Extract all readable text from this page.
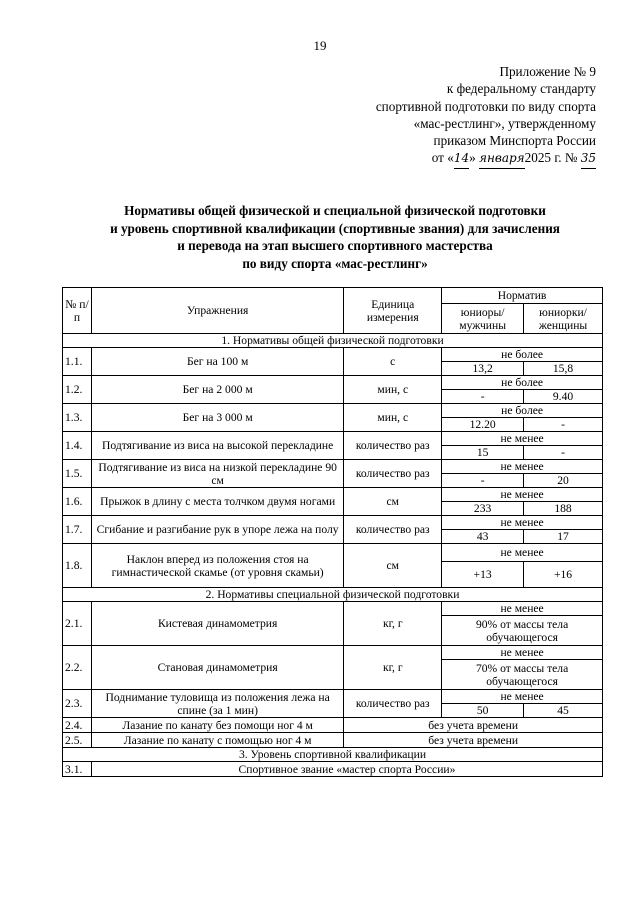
19
Приложение № 9
к федеральному стандарту
спортивной подготовки по виду спорта
«мас-рестлинг», утвержденному
приказом Минспорта России
от «14» января2025 г. № 35
Нормативы общей физической и специальной физической подготовки
и уровень спортивной квалификации (спортивные звания) для зачисления
и перевода на этап высшего спортивного мастерства
по виду спорта «мас-рестлинг»
№ п/п	Упражнения	Единица измерения	Норматив	
			юниоры/ мужчины	юниорки/ женщины
1. Нормативы общей физической подготовки				
1.1.	Бег на 100 м	с	не более	
			13,2	15,8
1.2.	Бег на 2 000 м	мин, с	не более	
			-	9.40
1.3.	Бег на 3 000 м	мин, с	не более	
			12.20	-
1.4.	Подтягивание из виса на высокой перекладине	количество раз	не менее	
			15	-
1.5.	Подтягивание из виса на низкой перекладине 90 см	количество раз	не менее	
			-	20
1.6.	Прыжок в длину с места толчком двумя ногами	см	не менее	
			233	188
1.7.	Сгибание и разгибание рук в упоре лежа на полу	количество раз	не менее	
			43	17
1.8.	Наклон вперед из положения стоя на гимнастической скамье (от уровня скамьи)	см	не менее	
			+13	+16
2. Нормативы специальной физической подготовки				
2.1.	Кистевая динамометрия	кг, г	не менее	
			90% от массы тела обучающегося	
2.2.	Становая динамометрия	кг, г	не менее	
			70% от массы тела обучающегося	
2.3.	Поднимание туловища из положения лежа на спине (за 1 мин)	количество раз	не менее	
			50	45
2.4.	Лазание по канату без помощи ног 4 м	без учета времени		
2.5.	Лазание по канату с помощью ног 4 м	без учета времени		
3. Уровень спортивной квалификации				
3.1.	Спортивное звание «мастер спорта России»			
